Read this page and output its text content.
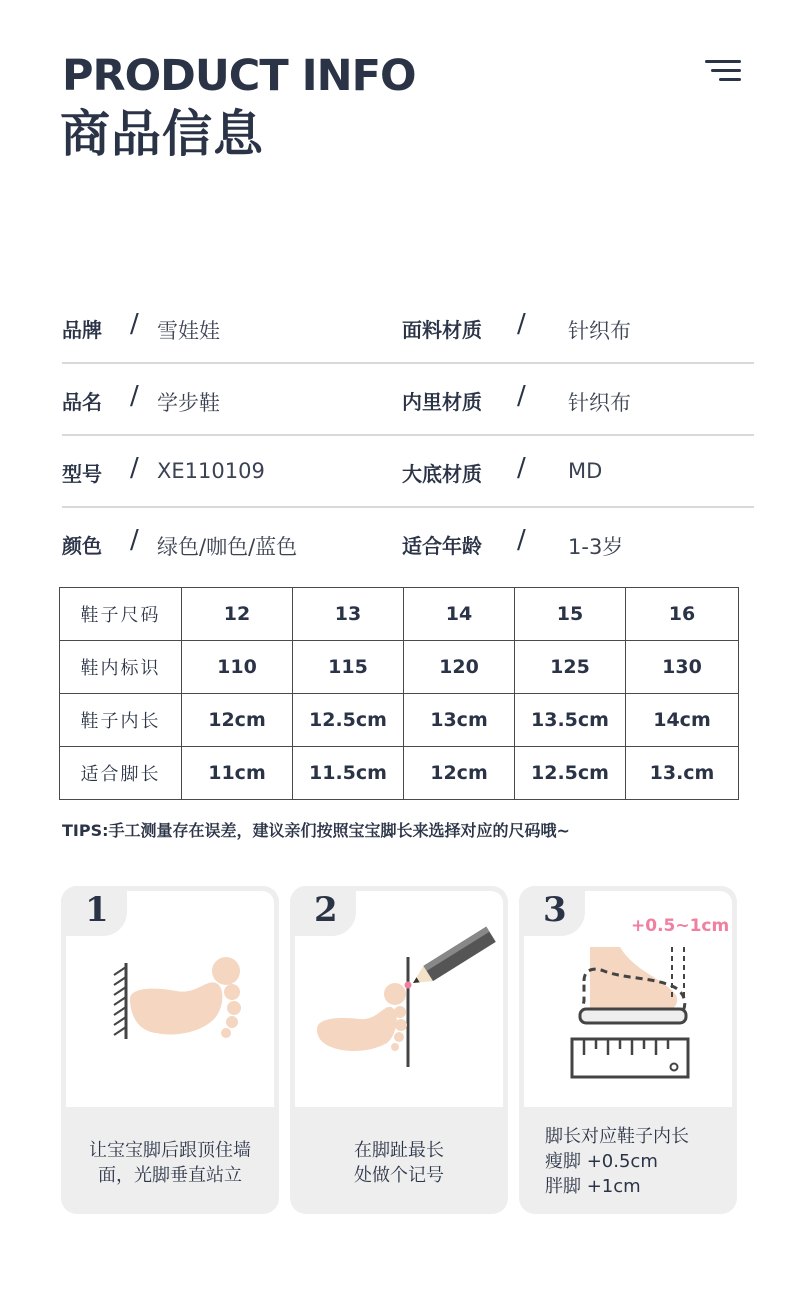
PRODUCT INFO
商品信息
品牌 / 雪娃娃	面料材质 / 针织布
品名 / 学步鞋	内里材质 / 针织布
型号 / XE110109	大底材质 / MD
颜色 / 绿色/咖色/蓝色	适合年龄 / 1-3岁
鞋子尺码	12	13	14	15	16
鞋内标识	110	115	120	125	130
鞋子内长	12cm	12.5cm	13cm	13.5cm	14cm
适合脚长	11cm	11.5cm	12cm	12.5cm	13.cm
TIPS:手工测量存在误差，建议亲们按照宝宝脚长来选择对应的尺码哦~
1
让宝宝脚后跟顶住墙
面，光脚垂直站立
2
在脚趾最长
处做个记号
3	+0.5~1cm
脚长对应鞋子内长
瘦脚 +0.5cm
胖脚 +1cm
